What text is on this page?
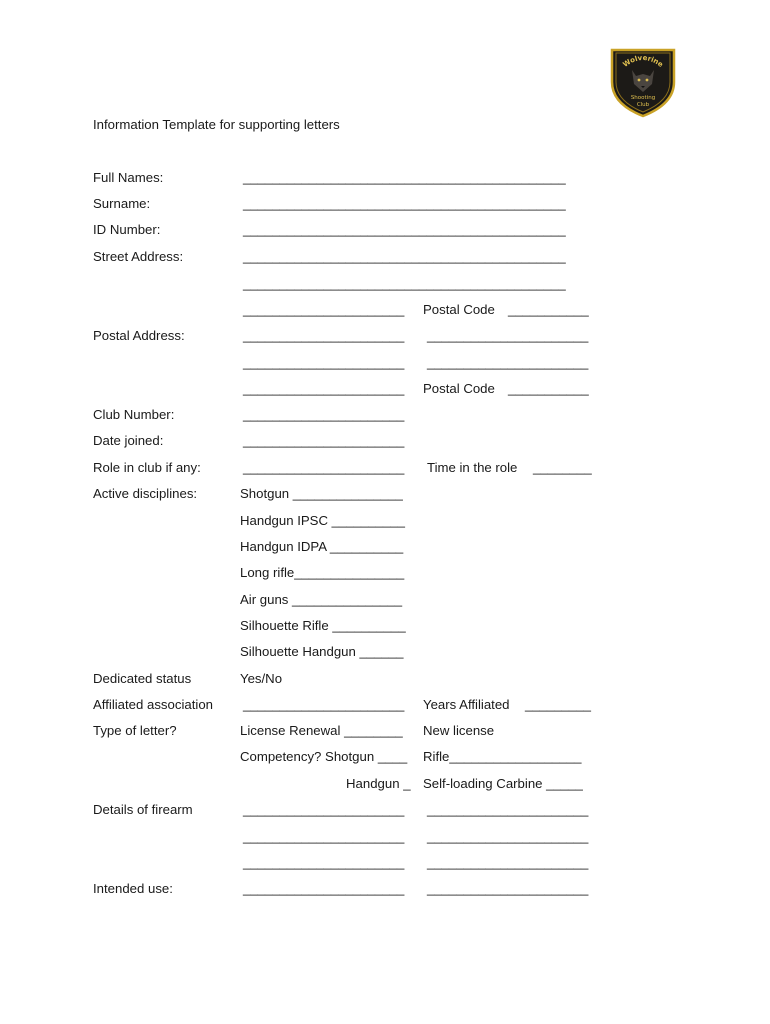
Wolverine
Shooting
Club
Information Template for supporting letters
Full Names:
Surname:
ID Number:
Street Address:
Postal Address:
Club Number:
Date joined:
Role in club if any:
Active disciplines:
Dedicated status
Affiliated association
Type of letter?
Details of firearm
Intended use:
____________________________________________
____________________________________________
____________________________________________
____________________________________________
____________________________________________
______________________ Postal Code ___________
______________________ ______________________
______________________ ______________________
______________________ Postal Code ___________
______________________
______________________
______________________ Time in the role ________
Shotgun _______________
Handgun IPSC __________
Handgun IDPA __________
Long rifle_______________
Air guns _______________
Silhouette Rifle __________
Silhouette Handgun ______
Yes/No
______________________ Years Affiliated _________
License Renewal ________ New license
Competency? Shotgun ____ Rifle__________________
Handgun _ Self-loading Carbine _____
______________________ ______________________
______________________ ______________________
______________________ ______________________
______________________ ______________________
